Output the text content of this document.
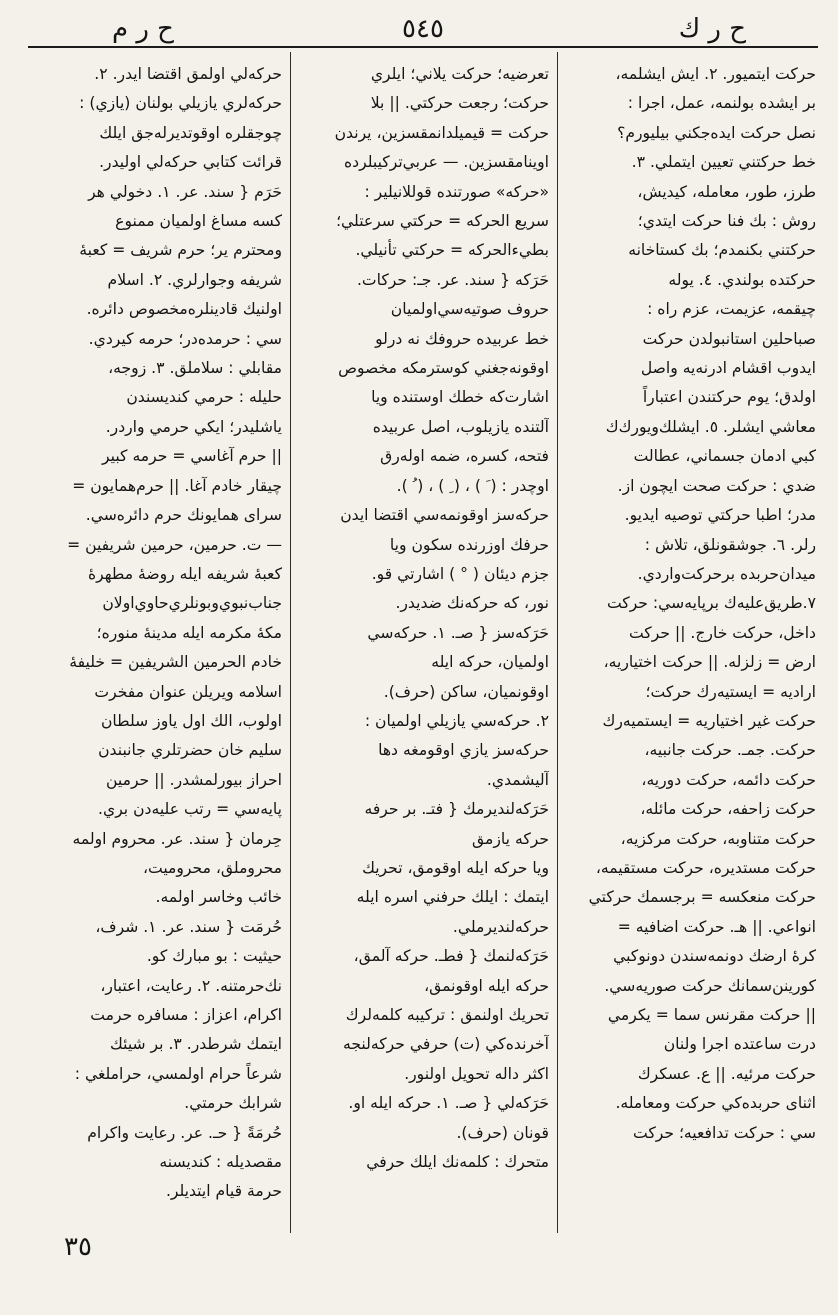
ح ر ك
٥٤٥
ح ر م
حركت ايتميور. ٢. ايش ايشلمه،
بر ايشده بولنمه، عمل، اجرا :
نصل حركت ايده‌جكني بيليورم؟
خط حركتني تعيين ايتملي. ٣.
طرز، طور، معامله، كيديش،
روش : بك فنا حركت ايتدي؛
حركتني بكنمدم؛ بك كستاخانه
حركتده بولندي. ٤. يوله
چيقمه، عزيمت، عزم راه :
صباحلين استانبولدن حركت
ايدوب اقشام ادرنه‌يه واصل
اولدق؛ يوم حركتندن اعتباراً
معاشي ايشلر. ٥. ايشلك‌ويورك‌ك
كبي ادمان جسماني، عطالت
ضدي : حركت صحت ايچون از.
مدر؛ اطبا حركتي توصيه ايديو.
رلر. ٦. جوشقونلق، تلاش :
ميدان‌حربده برحركت‌واردي.
٧.طريق‌عليه‌ك برپايه‌سي: حركت
داخل، حركت خارج. || حركت
ارض = زلزله. || حركت اختياريه،
اراديه = ايستيه‌رك حركت؛
حركت غير اختياريه = ايستميه‌رك
حركت. جمـ. حركت جانبيه،
حركت دائمه، حركت دوريه،
حركت زاحفه، حركت مائله،
حركت متناوبه، حركت مركزيه،
حركت مستديره، حركت مستقيمه،
حركت منعكسه = برجسمك حركتي
انواعي. || هـ. حركت اضافيه =
كرهٔ ارضك دونمه‌سندن دونوكبي
كورينن‌سمانك حركت صوريه‌سي.
|| حركت مقرنس سما = يكرمي
درت ساعتده اجرا ولنان
حركت مرئيه. || ع. عسكرك
اثناى حربده‌كي حركت ومعامله.
سي : حركت تدافعيه؛ حركت
تعرضيه؛ حركت يلاني؛ ايلري
حركت؛ رجعت حركتي. || بلا
حركت = قيميلدانمقسزين، يرندن
اوينامقسزين. — عربي‌تركيبلرده
«حركه» صورتنده قوللانيلير :
سريع الحركه = حركتي سرعتلي؛
بطيءالحركه = حركتي تأنيلي.
حَرَكه { سند. عر. جـ: حركات.
حروف صوتيه‌سي‌اولميان
خط عربيده حروفك نه درلو
اوقونه‌جغني كوسترمكه مخصوص
اشارت‌كه خطك اوستنده ويا
آلتنده يازيلوب، اصل عربيده
فتحه، كسره، ضمه اوله‌رق
اوچدر : ( َ ) ، ( ِ ) ، ( ُ ).
حركه‌سز اوقونمه‌سي اقتضا ايدن
حرفك اوزرنده سكون ويا
جزم ديئان ( ° ) اشارتي قو.
نور، كه حركه‌نك ضديدر.
حَرَكه‌سز { صـ. ١. حركه‌سي
اولميان، حركه ايله
اوقونميان، ساكن (حرف).
٢. حركه‌سي يازيلي اولميان :
حركه‌سز يازي اوقومغه دها
آليشمدي.
حَرَكه‌لنديرمك { فتـ. بر حرفه
حركه يازمق
ويا حركه ايله اوقومق، تحريك
ايتمك : ايلك حرفني اسره ايله
حركه‌لنديرملي.
حَرَكه‌لنمك { فطـ. حركه آلمق،
حركه ايله اوقونمق،
تحريك اولنمق : تركيبه كلمه‌لرك
آخرنده‌كي (ت) حرفي حركه‌لنجه
اكثر داله تحويل اولنور.
حَرَكه‌لي { صـ. ١. حركه ايله او.
قونان (حرف).
متحرك : كلمه‌نك ايلك حرفي
حركه‌لي اولمق اقتضا ايدر. ٢.
حركه‌لري يازيلي بولنان (يازي) :
چوجقلره اوقوتديرله‌جق ايلك
قرائت كتابي حركه‌لي اوليدر.
حَرَم { سند. عر. ١. دخولي هر
كسه مساغ اولميان ممنوع
ومحترم ير؛ حرم شريف = كعبهٔ
شريفه وجوارلري. ٢. اسلام
اولنيك قادينلره‌مخصوص دائره.
سي : حرمده‌در؛ حرمه كيردي.
مقابلي : سلاملق. ٣. زوجه،
حليله : حرمي كنديسندن
ياشليدر؛ ايكي حرمي واردر.
|| حرم آغاسي = حرمه كبير
چيقار خادم آغا. || حرم‌همايون =
سراى همايونك حرم دائره‌سي.
— ت. حرمين، حرمين شريفين =
كعبهٔ شريفه ايله روضهٔ مطهرهٔ
جناب‌نبوي‌وبونلري‌حاوي‌اولان
مكهٔ مكرمه ايله مدينهٔ منوره؛
خادم الحرمين الشريفين = خليفهٔ
اسلامه ويريلن عنوان مفخرت
اولوب، الك اول ياوز سلطان
سليم خان حضرتلري جانبندن
احراز بيورلمشدر. || حرمين
پايه‌سي = رتب عليه‌دن بري.
حِرمان { سند. عر. محروم اولمه
محروملق، محروميت،
خائب وخاسر اولمه.
حُرمَت { سند. عر. ١. شرف،
حيثيت : بو مبارك كو.
نك‌حرمتنه. ٢. رعايت، اعتبار،
اكرام، اعزاز : مسافره حرمت
ايتمك شرطدر. ٣. بر شيئك
شرعاً حرام اولمسي، حراملغي :
شرابك حرمتي.
حُرمَةً { حـ. عر. رعايت واكرام
مقصديله : كنديسنه
حرمة قيام ايتديلر.
٣٥
